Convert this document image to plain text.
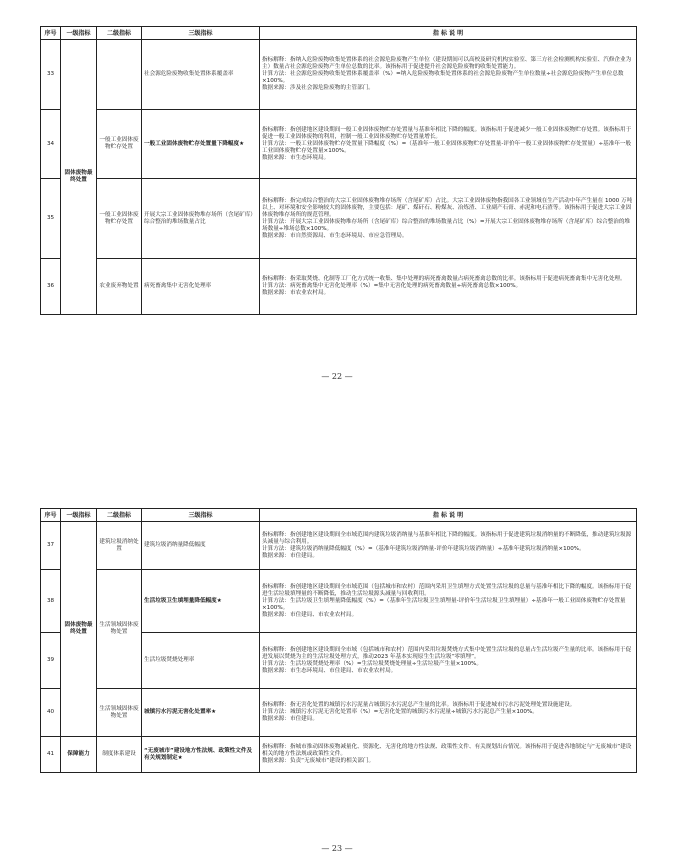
序号	一级指标	二级指标	三级指标	指 标 说 明
33	固体废物最终处置		社会源危险废物收集处置体系覆盖率	指标解释：指纳入危险废物收集处置体系的社会源危险废物产生单位（建设期间可以高校及研究机构实验室、第三方社会检测机构实验室、汽修企业为主）数量占社会源危险废物产生单位总数的比率。该指标用于促进提升社会源危险废物的收集处置能力。
计算方法：社会源危险废物收集处置体系覆盖率（%）=纳入危险废物收集处置体系的社会源危险废物产生单位数量÷社会源危险废物产生单位总数×100%。
数据来源：涉及社会源危险废物的主管部门。

34		一般工业固体废物贮存处置	一般工业固体废物贮存处置量下降幅度★	指标解释：指创建地区建设期间一般工业固体废物贮存处置量与基准年相比下降的幅度。该指标用于促进减少一般工业固体废物贮存处置。该指标用于促进一般工业固体废物的利用，控制一般工业固体废物贮存处置量增长。
计算方法：一般工业固体废物贮存处置量下降幅度（%）=（基准年一般工业固体废物贮存处置量-评价年一般工业固体废物贮存处置量）÷基准年一般工业固体废物贮存处置量×100%。
数据来源：市生态环境局。

35		一般工业固体废物贮存处置	开展大宗工业固体废物堆存场所（含尾矿库）综合整治的堆场数量占比	指标解释：指完成综合整治的大宗工业固体废物堆存场所（含尾矿库）占比。大宗工业固体废物指我国各工业领域在生产活动中年产生量在 1000 万吨以上、对环境和安全影响较大的固体废物，主要包括：尾矿、煤矸石、粉煤灰、冶炼渣、工业副产石膏、赤泥和电石渣等。该指标用于促进大宗工业固体废物堆存场所的规范管理。
计算方法：开展大宗工业固体废物堆存场所（含尾矿库）综合整治的堆场数量占比（%）=开展大宗工业固体废物堆存场所（含尾矿库）综合整治的堆场数量÷堆场总数×100%。
数据来源：市自然资源局、市生态环境局、市应急管理局。

36		农业废弃物处置	病死畜禽集中无害化处理率	指标解释：指采取焚烧、化制等工厂化方式统一收集、集中处理的病死畜禽数量占病死畜禽总数的比率。该指标用于促进病死畜禽集中无害化处理。
计算方法：病死畜禽集中无害化处理率（%）=集中无害化处理的病死畜禽数量÷病死畜禽总数×100%。
数据来源：市农业农村局。
— 22 —
序号	一级指标	二级指标	三级指标	指 标 说 明
37	固体废物最终处置	建筑垃圾消纳处置	建筑垃圾消纳量降低幅度	指标解释：指创建地区建设期间全市域范围内建筑垃圾消纳量与基准年相比下降的幅度。该指标用于促进建筑垃圾消纳量的不断降低，推动建筑垃圾源头减量与综合利用。
计算方法：建筑垃圾消纳量降低幅度（%）=（基准年建筑垃圾消纳量-评价年建筑垃圾消纳量）÷基准年建筑垃圾消纳量×100%。
数据来源：市住建局。

38		生活领域固体废物处置	生活垃圾卫生填埋量降低幅度★	指标解释：指创建地区建设期间全市域范围（包括城市和农村）范围内采用卫生填埋方式处置生活垃圾的总量与基准年相比下降的幅度。该指标用于促进生活垃圾填埋量的不断降低，推动生活垃圾源头减量与回收利用。
计算方法：生活垃圾卫生填埋量降低幅度（%）=（基准年生活垃圾卫生填埋量-评价年生活垃圾卫生填埋量）÷基准年一般工业固体废物贮存处置量×100%。
数据来源：市住建局、市农业农村局。

39			生活垃圾焚烧处理率	指标解释：指创建地区建设期间全市域（包括城市和农村）范围内采用垃圾焚烧方式集中处置生活垃圾的总量占生活垃圾产生量的比率。该指标用于促进发展以焚烧为主的生活垃圾处理方式，推动2023 年基本实现原生生活垃圾“零填埋”。
计算方法：生活垃圾焚烧处理率（%）=生活垃圾焚烧处理量÷生活垃圾产生量×100%。
数据来源：市生态环境局、市住建局、市农业农村局。

40		生活领域固体废物处置	城镇污水污泥无害化处置率★	指标解释：指无害化处置的城镇污水污泥量占城镇污水污泥总产生量的比率。该指标用于促进城市污水污泥处理处置设施建设。
计算方法：城镇污水污泥无害化处置率（%）=无害化处置的城镇污水污泥量÷城镇污水污泥总产生量×100%。
数据来源：市住建局。

41	保障能力	制度体系建设	“无废城市”建设地方性法规、政策性文件及有关规划制定★	指标解释：指城市推动固体废物减量化、资源化、无害化的地方性法规、政策性文件、有关规划出台情况。该指标用于促进各地制定与“无废城市”建设相关的地方性法规或政策性文件。
数据来源：负责“无废城市”建设的相关部门。
— 23 —
